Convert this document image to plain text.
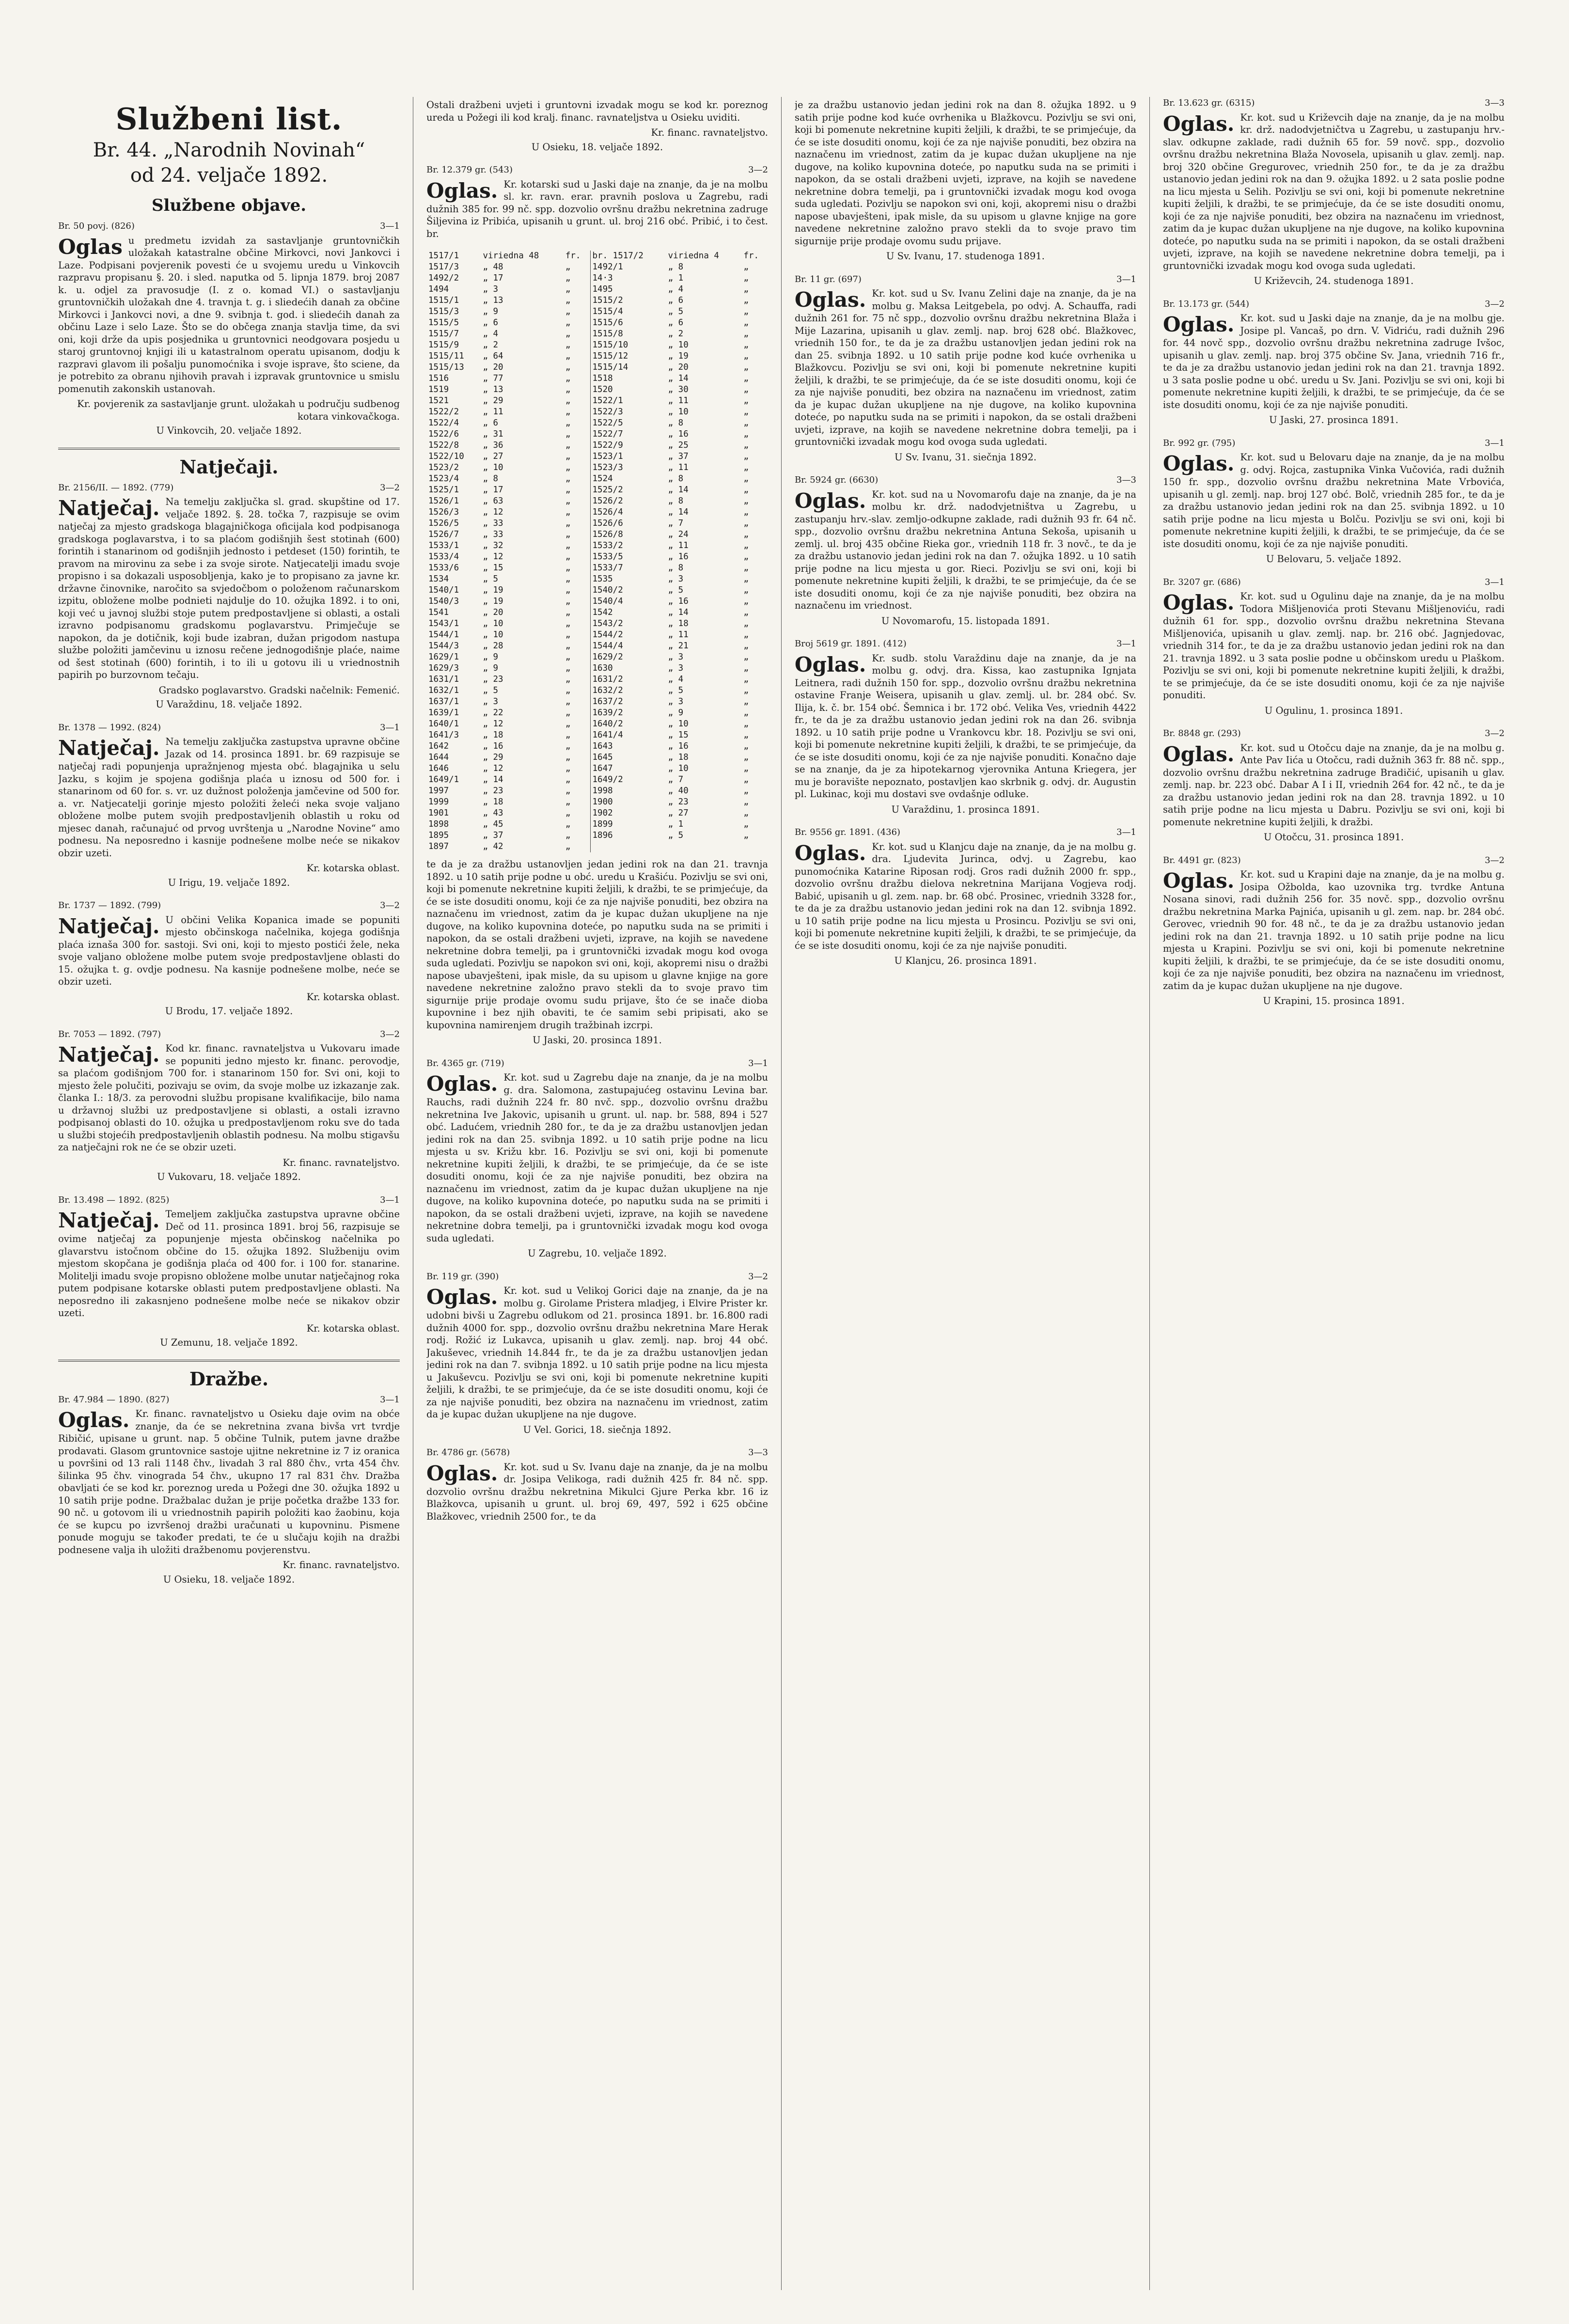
Službeni list.
Br. 44. „Narodnih Novinah“
od 24. veljače 1892.
Službene objave.
Br. 50 povj. (826)	3—1
Oglas u predmetu izvidah za sastavljanje gruntovničkih uložakah katastralne občine Mirkovci, novi Jankovci i Laze. Podpisani povjerenik povesti će u svojemu uredu u Vinkovcih razpravu propisanu §. 20. i sled. naputka od 5. lipnja 1879. broj 2087 k. u. odjel za pravosudje (I. z o. komad VI.) o sastavljanju gruntovničkih uložakah dne 4. travnja t. g. i sliedećih danah za občine Mirkovci i Jankovci novi, a dne 9. svibnja t. god. i sliedećih danah za občinu Laze i selo Laze. Što se do občega znanja stavlja time, da svi oni, koji drže da upis posjednika u gruntovnici neodgovara posjedu u staroj gruntovnoj knjigi ili u katastralnom operatu upisanom, dodju k razpravi glavom ili pošalju punomoćnika i svoje isprave, što sciene, da je potrebito za obranu njihovih pravah i izpravak gruntovnice u smislu pomenutih zakonskih ustanovah.
Kr. povjerenik za sastavljanje grunt. uložakah u području sudbenog kotara vinkovačkoga.
U Vinkovcih, 20. veljače 1892.
Natječaji.
Br. 2156/II. — 1892. (779)	3—2
Natječaj. Na temelju zaključka sl. grad. skupštine od 17. veljače 1892. §. 28. točka 7, razpisuje se ovim natječaj za mjesto gradskoga blagajničkoga oficijala kod podpisanoga gradskoga poglavarstva, i to sa plaćom godišnjih šest stotinah (600) forintih i stanarinom od godišnjih jednosto i petdeset (150) forintih, te pravom na mirovinu za sebe i za svoje sirote. Natjecatelji imadu svoje propisno i sa dokazali usposobljenja, kako je to propisano za javne kr. državne činovnike, naročito sa svjedočbom o položenom računarskom izpitu, obložene molbe podnieti najdulje do 10. ožujka 1892. i to oni, koji već u javnoj službi stoje putem predpostavljene si oblasti, a ostali izravno podpisanomu gradskomu poglavarstvu. Primječuje se napokon, da je dotičnik, koji bude izabran, dužan prigodom nastupa službe položiti jamčevinu u iznosu rečene jednogodišnje plaće, naime od šest stotinah (600) forintih, i to ili u gotovu ili u vriednostnih papirih po burzovnom tečaju.
Gradsko poglavarstvo. Gradski načelnik: Femenić.
U Varaždinu, 18. veljače 1892.
Br. 1378 — 1992. (824)	3—1
Natječaj. Na temelju zaključka zastupstva upravne občine Jazak od 14. prosinca 1891. br. 69 razpisuje se natječaj radi popunjenja upražnjenog mjesta obć. blagajnika u selu Jazku, s kojim je spojena godišnja plaća u iznosu od 500 for. i stanarinom od 60 for. s. vr. uz dužnost položenja jamčevine od 500 for. a. vr. Natjecatelji gorinje mjesto položiti želeći neka svoje valjano obložene molbe putem svojih predpostavljenih oblastih u roku od mjesec danah, računajuć od prvog uvrštenja u „Narodne Novine“ amo podnesu. Na neposredno i kasnije podnešene molbe neće se nikakov obzir uzeti.
Kr. kotarska oblast.
U Irigu, 19. veljače 1892.
Br. 1737 — 1892. (799)	3—2
Natječaj. U občini Velika Kopanica imade se popuniti mjesto občinskoga načelnika, kojega godišnja plaća iznaša 300 for. sastoji. Svi oni, koji to mjesto postići žele, neka svoje valjano obložene molbe putem svoje predpostavljene oblasti do 15. ožujka t. g. ovdje podnesu. Na kasnije podnešene molbe, neće se obzir uzeti.
Kr. kotarska oblast.
U Brodu, 17. veljače 1892.
Br. 7053 — 1892. (797)	3—2
Natječaj. Kod kr. financ. ravnateljstva u Vukovaru imade se popuniti jedno mjesto kr. financ. perovodje, sa plaćom godišnjom 700 for. i stanarinom 150 for. Svi oni, koji to mjesto žele polučiti, pozivaju se ovim, da svoje molbe uz izkazanje zak. članka I.: 18/3. za perovodni službu propisane kvalifikacije, bilo nama u državnoj službi uz predpostavljene si oblasti, a ostali izravno podpisanoj oblasti do 10. ožujka u predpostavljenom roku sve do tada u službi stojećih predpostavljenih oblastih podnesu. Na molbu stigavšu za natječajni rok ne će se obzir uzeti.
Kr. financ. ravnateljstvo.
U Vukovaru, 18. veljače 1892.
Br. 13.498 — 1892. (825)	3—1
Natječaj. Temeljem zaključka zastupstva upravne občine Deč od 11. prosinca 1891. broj 56, razpisuje se ovime natječaj za popunjenje mjesta občinskog načelnika po glavarstvu istočnom občine do 15. ožujka 1892. Službeniju ovim mjestom skopčana je godišnja plaća od 400 for. i 100 for. stanarine. Molitelji imadu svoje propisno obložene molbe unutar natječajnog roka putem podpisane kotarske oblasti putem predpostavljene oblasti. Na neposredno ili zakasnjeno podnešene molbe neće se nikakov obzir uzeti.
Kr. kotarska oblast.
U Zemunu, 18. veljače 1892.
Dražbe.
Br. 47.984 — 1890. (827)	3—1
Oglas. Kr. financ. ravnateljstvo u Osieku daje ovim na obće znanje, da će se nekretnina zvana bivša vrt tvrdje Ribičić, upisane u grunt. nap. 5 občine Tulnik, putem javne dražbe prodavati. Glasom gruntovnice sastoje ujitne nekretnine iz 7 iz oranica u površini od 13 rali 1148 čhv., livadah 3 ral 880 čhv., vrta 454 čhv. šilinka 95 čhv. vinograda 54 čhv., ukupno 17 ral 831 čhv. Dražba obavljati će se kod kr. poreznog ureda u Požegi dne 30. ožujka 1892 u 10 satih prije podne. Dražbalac dužan je prije početka dražbe 133 for. 90 nč. u gotovom ili u vriednostnih papirih položiti kao žaobinu, koja će se kupcu po izvršenoj dražbi uračunati u kupovninu. Pismene ponude moguju se također predati, te će u slučaju kojih na dražbi podnesene valja ih uložiti dražbenomu povjerenstvu.
Kr. financ. ravnateljstvo.
U Osieku, 18. veljače 1892.
Ostali dražbeni uvjeti i gruntovni izvadak mogu se kod kr. poreznog ureda u Požegi ili kod kralj. financ. ravnateljstva u Osieku uviditi.
Kr. financ. ravnateljstvo.
U Osieku, 18. veljače 1892.
Br. 12.379 gr. (543)	3—2
Oglas. Kr. kotarski sud u Jaski daje na znanje, da je na molbu sl. kr. ravn. erar. pravnih poslova u Zagrebu, radi dužnih 385 for. 99 nč. spp. dozvolio ovršnu dražbu nekretnina zadruge Šiljevina iz Pribića, upisanih u grunt. ul. broj 216 obć. Pribić, i to čest. br.
1517/1	viriedna 48	fr.	br. 1517/2	viriedna 4	fr.
1517/3	„ 48	„	1492/1	„ 8	„
1492/2	„ 17	„	14·3	„ 1	„
1494	„ 3	„	1495	„ 4	„
1515/1	„ 13	„	1515/2	„ 6	„
1515/3	„ 9	„	1515/4	„ 5	„
1515/5	„ 6	„	1515/6	„ 6	„
1515/7	„ 4	„	1515/8	„ 2	„
1515/9	„ 2	„	1515/10	„ 10	„
1515/11	„ 64	„	1515/12	„ 19	„
1515/13	„ 20	„	1515/14	„ 20	„
1516	„ 77	„	1518	„ 14	„
1519	„ 13	„	1520	„ 30	„
1521	„ 29	„	1522/1	„ 11	„
1522/2	„ 11	„	1522/3	„ 10	„
1522/4	„ 6	„	1522/5	„ 8	„
1522/6	„ 31	„	1522/7	„ 16	„
1522/8	„ 36	„	1522/9	„ 25	„
1522/10	„ 27	„	1523/1	„ 37	„
1523/2	„ 10	„	1523/3	„ 11	„
1523/4	„ 8	„	1524	„ 8	„
1525/1	„ 17	„	1525/2	„ 14	„
1526/1	„ 63	„	1526/2	„ 8	„
1526/3	„ 12	„	1526/4	„ 14	„
1526/5	„ 33	„	1526/6	„ 7	„
1526/7	„ 33	„	1526/8	„ 24	„
1533/1	„ 32	„	1533/2	„ 11	„
1533/4	„ 12	„	1533/5	„ 16	„
1533/6	„ 15	„	1533/7	„ 8	„
1534	„ 5	„	1535	„ 3	„
1540/1	„ 19	„	1540/2	„ 5	„
1540/3	„ 19	„	1540/4	„ 16	„
1541	„ 20	„	1542	„ 14	„
1543/1	„ 10	„	1543/2	„ 18	„
1544/1	„ 10	„	1544/2	„ 11	„
1544/3	„ 28	„	1544/4	„ 21	„
1629/1	„ 9	„	1629/2	„ 3	„
1629/3	„ 9	„	1630	„ 3	„
1631/1	„ 23	„	1631/2	„ 4	„
1632/1	„ 5	„	1632/2	„ 5	„
1637/1	„ 3	„	1637/2	„ 3	„
1639/1	„ 22	„	1639/2	„ 9	„
1640/1	„ 12	„	1640/2	„ 10	„
1641/3	„ 18	„	1641/4	„ 15	„
1642	„ 16	„	1643	„ 16	„
1644	„ 29	„	1645	„ 18	„
1646	„ 12	„	1647	„ 10	„
1649/1	„ 14	„	1649/2	„ 7	„
1997	„ 23	„	1998	„ 40	„
1999	„ 18	„	1900	„ 23	„
1901	„ 43	„	1902	„ 27	„
1898	„ 45	„	1899	„ 1	„
1895	„ 37	„	1896	„ 5	„
1897	„ 42	„			
te da je za dražbu ustanovljen jedan jedini rok na dan 21. travnja 1892. u 10 satih prije podne u obć. uredu u Krašiću. Pozivlju se svi oni, koji bi pomenute nekretnine kupiti željili, k dražbi, te se primjećuje, da će se iste dosuditi onomu, koji će za nje najviše ponuditi, bez obzira na naznačenu im vriednost, zatim da je kupac dužan ukupljene na nje dugove, na koliko kupovnina doteće, po naputku suda na se primiti i napokon, da se ostali dražbeni uvjeti, izprave, na kojih se navedene nekretnine dobra temelji, pa i gruntovnički izvadak mogu kod ovoga suda ugledati. Pozivlju se napokon svi oni, koji, akopremi nisu o dražbi napose ubavješteni, ipak misle, da su upisom u glavne knjige na gore navedene nekretnine založno pravo stekli da to svoje pravo tim sigurnije prije prodaje ovomu sudu prijave, što će se inače dioba kupovnine i bez njih obaviti, te će samim sebi pripisati, ako se kupovnina namirenjem drugih tražbinah izcrpi.
U Jaski, 20. prosinca 1891.
Br. 4365 gr. (719)	3—1
Oglas. Kr. kot. sud u Zagrebu daje na znanje, da je na molbu g. dra. Salomona, zastupajućeg ostavinu Levina bar. Rauchs, radi dužnih 224 fr. 80 nvč. spp., dozvolio ovršnu dražbu nekretnina Ive Jakovic, upisanih u grunt. ul. nap. br. 588, 894 i 527 obć. Ladućem, vriednih 280 for., te da je za dražbu ustanovljen jedan jedini rok na dan 25. svibnja 1892. u 10 satih prije podne na licu mjesta u sv. Križu kbr. 16. Pozivlju se svi oni, koji bi pomenute nekretnine kupiti željili, k dražbi, te se primjećuje, da će se iste dosuditi onomu, koji će za nje najviše ponuditi, bez obzira na naznačenu im vriednost, zatim da je kupac dužan ukupljene na nje dugove, na koliko kupovnina doteće, po naputku suda na se primiti i napokon, da se ostali dražbeni uvjeti, izprave, na kojih se navedene nekretnine dobra temelji, pa i gruntovnički izvadak mogu kod ovoga suda ugledati.
U Zagrebu, 10. veljače 1892.
Br. 119 gr. (390)	3—2
Oglas. Kr. kot. sud u Velikoj Gorici daje na znanje, da je na molbu g. Girolame Pristera mladjeg, i Elvire Prister kr. udobni bivši u Zagrebu odlukom od 21. prosinca 1891. br. 16.800 radi dužnih 4000 for. spp., dozvolio ovršnu dražbu nekretnina Mare Herak rodj. Rožić iz Lukavca, upisanih u glav. zemlj. nap. broj 44 obć. Jakuševec, vriednih 14.844 fr., te da je za dražbu ustanovljen jedan jedini rok na dan 7. svibnja 1892. u 10 satih prije podne na licu mjesta u Jakuševcu. Pozivlju se svi oni, koji bi pomenute nekretnine kupiti željili, k dražbi, te se primjećuje, da će se iste dosuditi onomu, koji će za nje najviše ponuditi, bez obzira na naznačenu im vriednost, zatim da je kupac dužan ukupljene na nje dugove.
U Vel. Gorici, 18. siečnja 1892.
Br. 4786 gr. (5678)	3—3
Oglas. Kr. kot. sud u Sv. Ivanu daje na znanje, da je na molbu dr. Josipa Velikoga, radi dužnih 425 fr. 84 nč. spp. dozvolio ovršnu dražbu nekretnina Mikulci Gjure Perka kbr. 16 iz Blažkovca, upisanih u grunt. ul. broj 69, 497, 592 i 625 občine Blažkovec, vriednih 2500 for., te da
je za dražbu ustanovio jedan jedini rok na dan 8. ožujka 1892. u 9 satih prije podne kod kuće ovrhenika u Blažkovcu. Pozivlju se svi oni, koji bi pomenute nekretnine kupiti željili, k dražbi, te se primjećuje, da će se iste dosuditi onomu, koji će za nje najviše ponuditi, bez obzira na naznačenu im vriednost, zatim da je kupac dužan ukupljene na nje dugove, na koliko kupovnina doteće, po naputku suda na se primiti i napokon, da se ostali dražbeni uvjeti, izprave, na kojih se navedene nekretnine dobra temelji, pa i gruntovnički izvadak mogu kod ovoga suda ugledati. Pozivlju se napokon svi oni, koji, akopremi nisu o dražbi napose ubavješteni, ipak misle, da su upisom u glavne knjige na gore navedene nekretnine založno pravo stekli da to svoje pravo tim sigurnije prije prodaje ovomu sudu prijave.
U Sv. Ivanu, 17. studenoga 1891.
Br. 11 gr. (697)	3—1
Oglas. Kr. kot. sud u Sv. Ivanu Zelini daje na znanje, da je na molbu g. Maksa Leitgebela, po odvj. A. Schauffa, radi dužnih 261 for. 75 nč spp., dozvolio ovršnu dražbu nekretnina Blaža i Mije Lazarina, upisanih u glav. zemlj. nap. broj 628 obć. Blažkovec, vriednih 150 for., te da je za dražbu ustanovljen jedan jedini rok na dan 25. svibnja 1892. u 10 satih prije podne kod kuće ovrhenika u Blažkovcu. Pozivlju se svi oni, koji bi pomenute nekretnine kupiti željili, k dražbi, te se primjećuje, da će se iste dosuditi onomu, koji će za nje najviše ponuditi, bez obzira na naznačenu im vriednost, zatim da je kupac dužan ukupljene na nje dugove, na koliko kupovnina doteće, po naputku suda na se primiti i napokon, da se ostali dražbeni uvjeti, izprave, na kojih se navedene nekretnine dobra temelji, pa i gruntovnički izvadak mogu kod ovoga suda ugledati.
U Sv. Ivanu, 31. siečnja 1892.
Br. 5924 gr. (6630)	3—3
Oglas. Kr. kot. sud na u Novomarofu daje na znanje, da je na molbu kr. drž. nadodvjetništva u Zagrebu, u zastupanju hrv.-slav. zemljo-odkupne zaklade, radi dužnih 93 fr. 64 nč. spp., dozvolio ovršnu dražbu nekretnina Antuna Sekoša, upisanih u zemlj. ul. broj 435 občine Rieka gor., vriednih 118 fr. 3 novč., te da je za dražbu ustanovio jedan jedini rok na dan 7. ožujka 1892. u 10 satih prije podne na licu mjesta u gor. Rieci. Pozivlju se svi oni, koji bi pomenute nekretnine kupiti željili, k dražbi, te se primjećuje, da će se iste dosuditi onomu, koji će za nje najviše ponuditi, bez obzira na naznačenu im vriednost.
U Novomarofu, 15. listopada 1891.
Broj 5619 gr. 1891. (412)	3—1
Oglas. Kr. sudb. stolu Varaždinu daje na znanje, da je na molbu g. odvj. dra. Kissa, kao zastupnika Ignjata Leitnera, radi dužnih 150 for. spp., dozvolio ovršnu dražbu nekretnina ostavine Franje Weisera, upisanih u glav. zemlj. ul. br. 284 obć. Sv. Ilija, k. č. br. 154 obć. Šemnica i br. 172 obć. Velika Ves, vriednih 4422 fr., te da je za dražbu ustanovio jedan jedini rok na dan 26. svibnja 1892. u 10 satih prije podne u Vrankovcu kbr. 18. Pozivlju se svi oni, koji bi pomenute nekretnine kupiti željili, k dražbi, te se primjećuje, da će se iste dosuditi onomu, koji će za nje najviše ponuditi. Konačno daje se na znanje, da je za hipotekarnog vjerovnika Antuna Kriegera, jer mu je boravište nepoznato, postavljen kao skrbnik g. odvj. dr. Augustin pl. Lukinac, koji mu dostavi sve ovdašnje odluke.
U Varaždinu, 1. prosinca 1891.
Br. 9556 gr. 1891. (436)	3—1
Oglas. Kr. kot. sud u Klanjcu daje na znanje, da je na molbu g. dra. Ljudevita Jurinca, odvj. u Zagrebu, kao punomoćnika Katarine Riposan rodj. Gros radi dužnih 2000 fr. spp., dozvolio ovršnu dražbu dielova nekretnina Marijana Vogjeva rodj. Babić, upisanih u gl. zem. nap. br. 68 obć. Prosinec, vriednih 3328 for., te da je za dražbu ustanovio jedan jedini rok na dan 12. svibnja 1892. u 10 satih prije podne na licu mjesta u Prosincu. Pozivlju se svi oni, koji bi pomenute nekretnine kupiti željili, k dražbi, te se primjećuje, da će se iste dosuditi onomu, koji će za nje najviše ponuditi.
U Klanjcu, 26. prosinca 1891.
Br. 13.623 gr. (6315)	3—3
Oglas. Kr. kot. sud u Križevcih daje na znanje, da je na molbu kr. drž. nadodvjetničtva u Zagrebu, u zastupanju hrv.-slav. odkupne zaklade, radi dužnih 65 for. 59 novč. spp., dozvolio ovršnu dražbu nekretnina Blaža Novosela, upisanih u glav. zemlj. nap. broj 320 občine Gregurovec, vriednih 250 for., te da je za dražbu ustanovio jedan jedini rok na dan 9. ožujka 1892. u 2 sata poslie podne na licu mjesta u Selih. Pozivlju se svi oni, koji bi pomenute nekretnine kupiti željili, k dražbi, te se primjećuje, da će se iste dosuditi onomu, koji će za nje najviše ponuditi, bez obzira na naznačenu im vriednost, zatim da je kupac dužan ukupljene na nje dugove, na koliko kupovnina doteće, po naputku suda na se primiti i napokon, da se ostali dražbeni uvjeti, izprave, na kojih se navedene nekretnine dobra temelji, pa i gruntovnički izvadak mogu kod ovoga suda ugledati.
U Križevcih, 24. studenoga 1891.
Br. 13.173 gr. (544)	3—2
Oglas. Kr. kot. sud u Jaski daje na znanje, da je na molbu gje. Josipe pl. Vancaš, po drn. V. Vidriću, radi dužnih 296 for. 44 novč spp., dozvolio ovršnu dražbu nekretnina zadruge Ivšoc, upisanih u glav. zemlj. nap. broj 375 občine Sv. Jana, vriednih 716 fr., te da je za dražbu ustanovio jedan jedini rok na dan 21. travnja 1892. u 3 sata poslie podne u obć. uredu u Sv. Jani. Pozivlju se svi oni, koji bi pomenute nekretnine kupiti željili, k dražbi, te se primjećuje, da će se iste dosuditi onomu, koji će za nje najviše ponuditi.
U Jaski, 27. prosinca 1891.
Br. 992 gr. (795)	3—1
Oglas. Kr. kot. sud u Belovaru daje na znanje, da je na molbu g. odvj. Rojca, zastupnika Vinka Vučovića, radi dužnih 150 fr. spp., dozvolio ovršnu dražbu nekretnina Mate Vrbovića, upisanih u gl. zemlj. nap. broj 127 obć. Bolč, vriednih 285 for., te da je za dražbu ustanovio jedan jedini rok na dan 25. svibnja 1892. u 10 satih prije podne na licu mjesta u Bolču. Pozivlju se svi oni, koji bi pomenute nekretnine kupiti željili, k dražbi, te se primjećuje, da će se iste dosuditi onomu, koji će za nje najviše ponuditi.
U Belovaru, 5. veljače 1892.
Br. 3207 gr. (686)	3—1
Oglas. Kr. kot. sud u Ogulinu daje na znanje, da je na molbu Todora Mišljenovića proti Stevanu Mišljenoviću, radi dužnih 61 for. spp., dozvolio ovršnu dražbu nekretnina Stevana Mišljenovića, upisanih u glav. zemlj. nap. br. 216 obć. Jagnjedovac, vriednih 314 for., te da je za dražbu ustanovio jedan jedini rok na dan 21. travnja 1892. u 3 sata poslie podne u občinskom uredu u Plaškom. Pozivlju se svi oni, koji bi pomenute nekretnine kupiti željili, k dražbi, te se primjećuje, da će se iste dosuditi onomu, koji će za nje najviše ponuditi.
U Ogulinu, 1. prosinca 1891.
Br. 8848 gr. (293)	3—2
Oglas. Kr. kot. sud u Otočcu daje na znanje, da je na molbu g. Ante Pav Iića u Otočcu, radi dužnih 363 fr. 88 nč. spp., dozvolio ovršnu dražbu nekretnina zadruge Bradičić, upisanih u glav. zemlj. nap. br. 223 obć. Dabar A I i II, vriednih 264 for. 42 nč., te da je za dražbu ustanovio jedan jedini rok na dan 28. travnja 1892. u 10 satih prije podne na licu mjesta u Dabru. Pozivlju se svi oni, koji bi pomenute nekretnine kupiti željili, k dražbi.
U Otočcu, 31. prosinca 1891.
Br. 4491 gr. (823)	3—2
Oglas. Kr. kot. sud u Krapini daje na znanje, da je na molbu g. Josipa Ožbolda, kao uzovnika trg. tvrdke Antuna Nosana sinovi, radi dužnih 256 for. 35 novč. spp., dozvolio ovršnu dražbu nekretnina Marka Pajnića, upisanih u gl. zem. nap. br. 284 obć. Gerovec, vriednih 90 for. 48 nč., te da je za dražbu ustanovio jedan jedini rok na dan 21. travnja 1892. u 10 satih prije podne na licu mjesta u Krapini. Pozivlju se svi oni, koji bi pomenute nekretnine kupiti željili, k dražbi, te se primjećuje, da će se iste dosuditi onomu, koji će za nje najviše ponuditi, bez obzira na naznačenu im vriednost, zatim da je kupac dužan ukupljene na nje dugove.
U Krapini, 15. prosinca 1891.
